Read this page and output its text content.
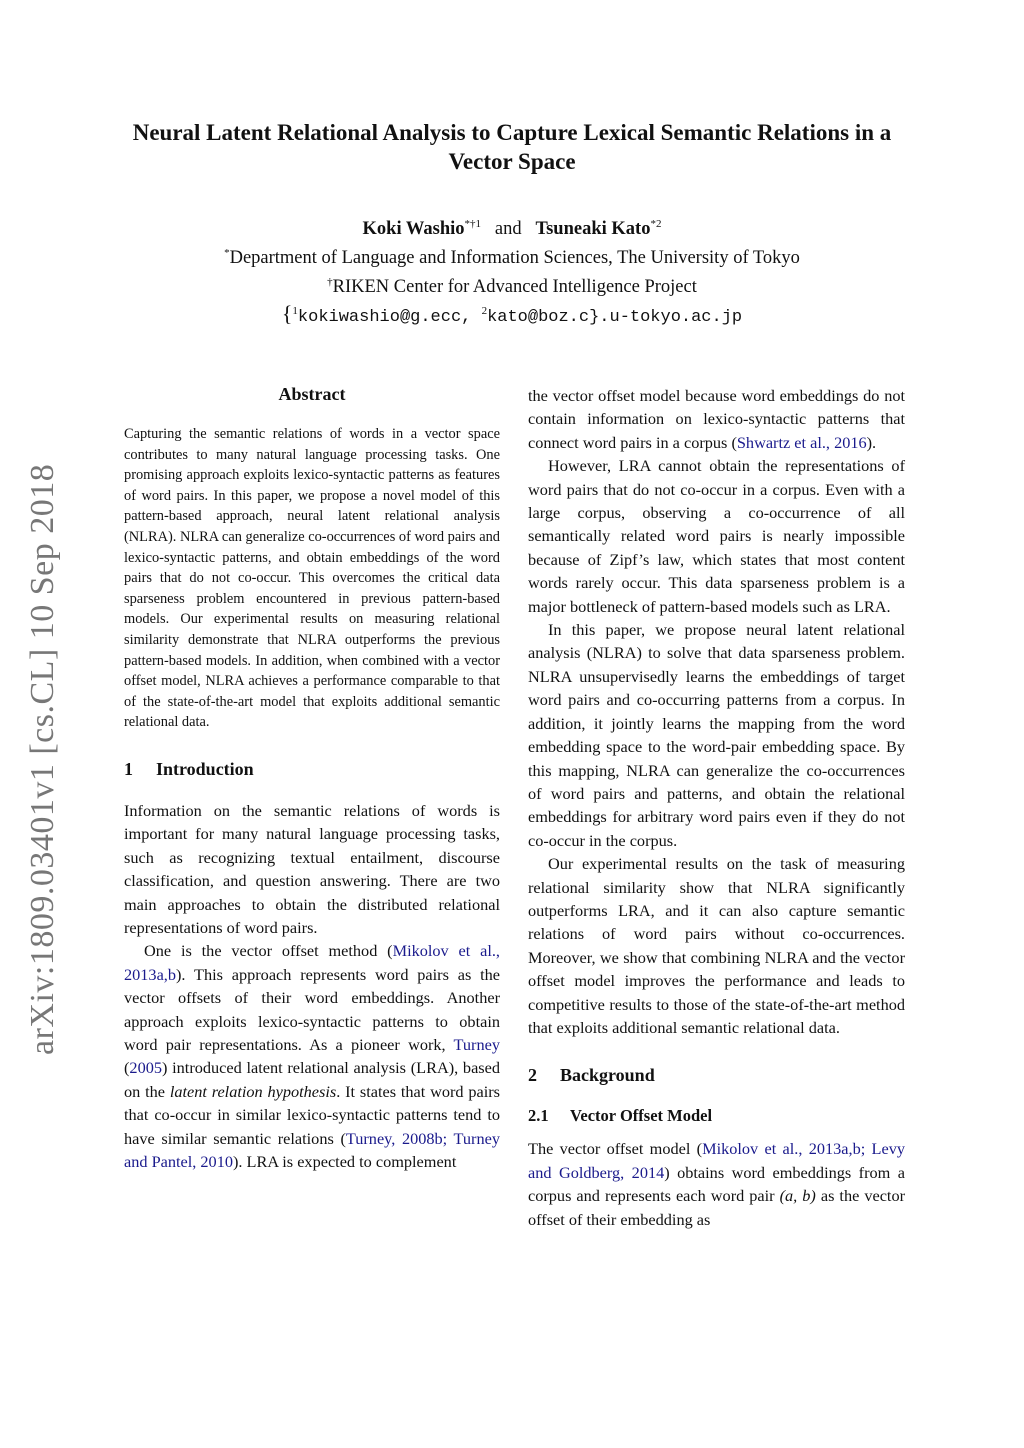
Neural Latent Relational Analysis to Capture Lexical Semantic Relations in a Vector Space
Koki Washio$^{*\dagger 1}$ and Tsuneaki Kato$^{*2}$
*Department of Language and Information Sciences, The University of Tokyo
†RIKEN Center for Advanced Intelligence Project
{$^1$kokiwashio@g.ecc, $^2$kato@boz.c}.u-tokyo.ac.jp
arXiv:1809.03401v1 [cs.CL] 10 Sep 2018
Abstract

Capturing the semantic relations of words in a vector space contributes to many natural language processing tasks. One promising approach exploits lexico-syntactic patterns as features of word pairs. In this paper, we propose a novel model of this pattern-based approach, neural latent relational analysis (NLRA). NLRA can generalize co-occurrences of word pairs and lexico-syntactic patterns, and obtain embeddings of the word pairs that do not co-occur. This overcomes the critical data sparseness problem encountered in previous pattern-based models. Our experimental results on measuring relational similarity demonstrate that NLRA outperforms the previous pattern-based models. In addition, when combined with a vector offset model, NLRA achieves a performance comparable to that of the state-of-the-art model that exploits additional semantic relational data.

1 Introduction

Information on the semantic relations of words is important for many natural language processing tasks, such as recognizing textual entailment, discourse classification, and question answering. There are two main approaches to obtain the distributed relational representations of word pairs.

One is the vector offset method (Mikolov et al., 2013a,b). This approach represents word pairs as the vector offsets of their word embeddings. Another approach exploits lexico-syntactic patterns to obtain word pair representations. As a pioneer work, Turney (2005) introduced latent relational analysis (LRA), based on the latent relation hypothesis. It states that word pairs that co-occur in similar lexico-syntactic patterns tend to have similar semantic relations (Turney, 2008b; Turney and Pantel, 2010). LRA is expected to complement

the vector offset model because word embeddings do not contain information on lexico-syntactic patterns that connect word pairs in a corpus (Shwartz et al., 2016).

However, LRA cannot obtain the representations of word pairs that do not co-occur in a corpus. Even with a large corpus, observing a co-occurrence of all semantically related word pairs is nearly impossible because of Zipf’s law, which states that most content words rarely occur. This data sparseness problem is a major bottleneck of pattern-based models such as LRA.

In this paper, we propose neural latent relational analysis (NLRA) to solve that data sparseness problem. NLRA unsupervisedly learns the embeddings of target word pairs and co-occurring patterns from a corpus. In addition, it jointly learns the mapping from the word embedding space to the word-pair embedding space. By this mapping, NLRA can generalize the co-occurrences of word pairs and patterns, and obtain the relational embeddings for arbitrary word pairs even if they do not co-occur in the corpus.

Our experimental results on the task of measuring relational similarity show that NLRA significantly outperforms LRA, and it can also capture semantic relations of word pairs without co-occurrences. Moreover, we show that combining NLRA and the vector offset model improves the performance and leads to competitive results to those of the state-of-the-art method that exploits additional semantic relational data.

2 Background
2.1 Vector Offset Model

The vector offset model (Mikolov et al., 2013a,b; Levy and Goldberg, 2014) obtains word embeddings from a corpus and represents each word pair (a, b) as the vector offset of their embedding as
